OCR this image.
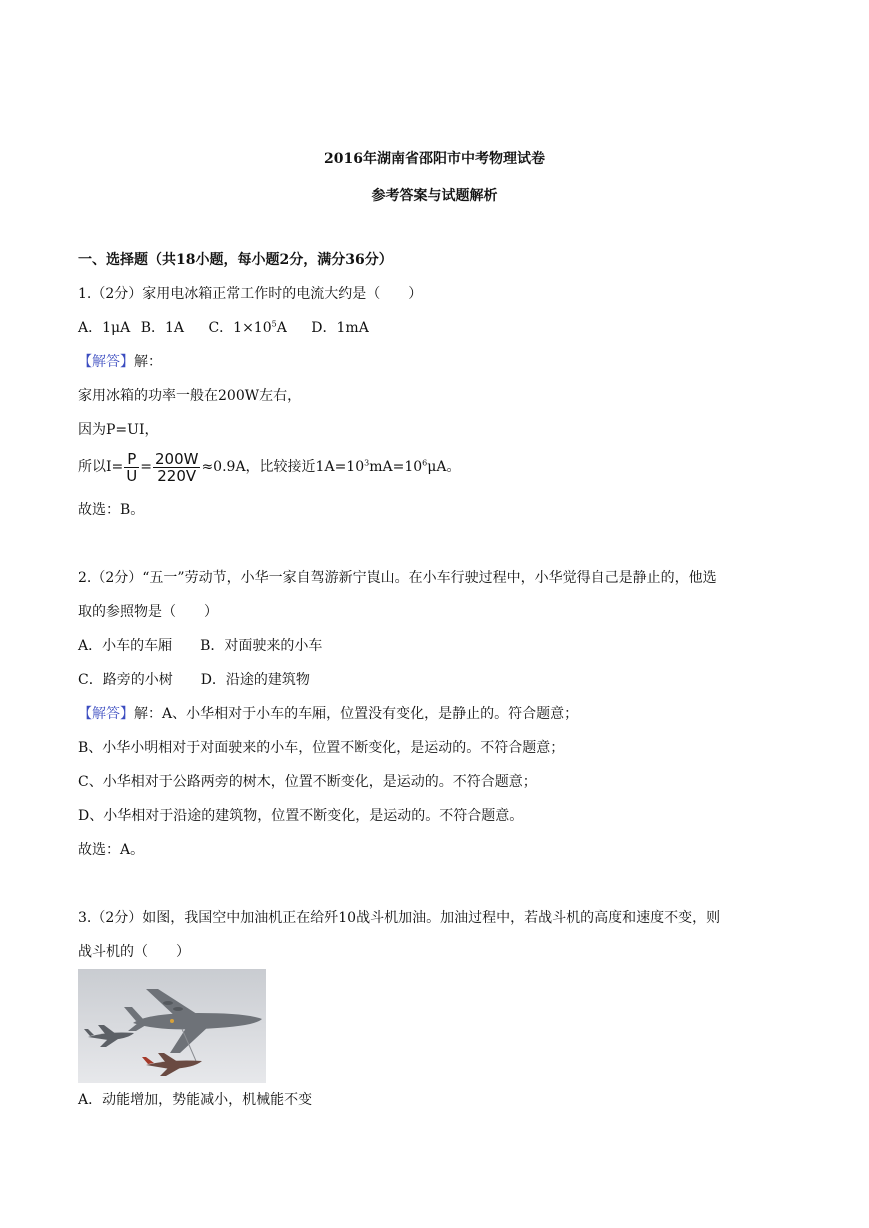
2016年湖南省邵阳市中考物理试卷
参考答案与试题解析
一、选择题（共18小题，每小题2分，满分36分）
1.（2分）家用电冰箱正常工作时的电流大约是（　　）
A．1μA B．1A C．$1\times 10^5A$ D．1mA
【解答】解：
家用冰箱的功率一般在200W左右，
因为P=UI，
所以$I= \frac{P}{U} = \frac{200W}{220V} \approx 0.9A$，比较接近$1A=10^3mA=10^6\mu A$。
故选：B。
2.（2分）“五一”劳动节，小华一家自驾游新宁崀山。在小车行驶过程中，小华觉得自己是静止的，他选
取的参照物是（　　）
A．小车的车厢　　B．对面驶来的小车
C．路旁的小树　　D．沿途的建筑物
【解答】解：A、小华相对于小车的车厢，位置没有变化，是静止的。符合题意；
B、小华小明相对于对面驶来的小车，位置不断变化，是运动的。不符合题意；
C、小华相对于公路两旁的树木，位置不断变化，是运动的。不符合题意；
D、小华相对于沿途的建筑物，位置不断变化，是运动的。不符合题意。
故选：A。
3.（2分）如图，我国空中加油机正在给歼10战斗机加油。加油过程中，若战斗机的高度和速度不变，则
战斗机的（　　）
A．动能增加，势能减小，机械能不变
